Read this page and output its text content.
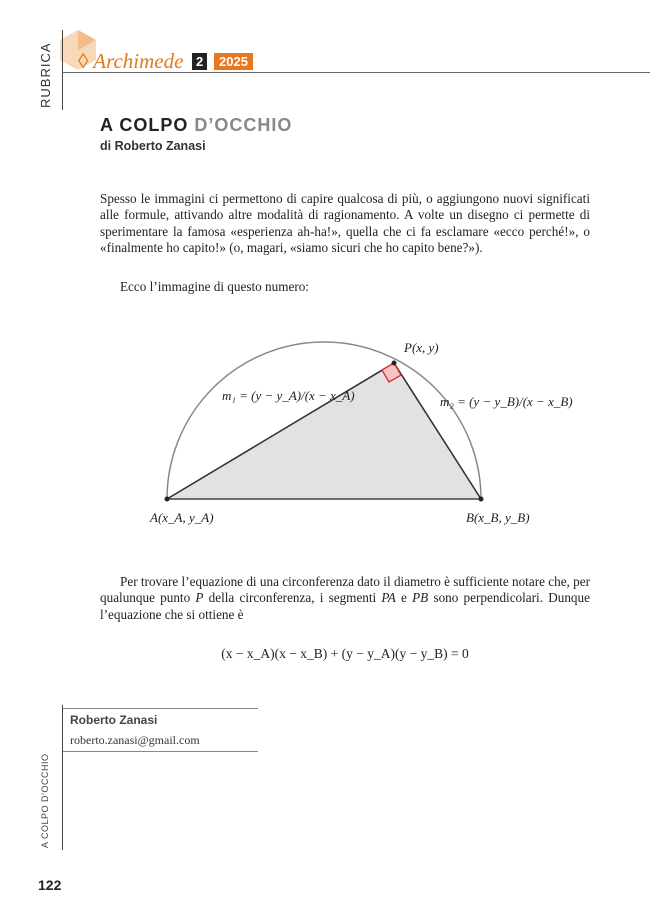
RUBRICA ◊ Archimede 2	2025
A COLPO D’OCCHIO
di Roberto Zanasi
Spesso le immagini ci permettono di capire qualcosa di più, o aggiungono nuovi significati alle formule, attivando altre modalità di ragionamento. A volte un disegno ci permette di sperimentare la famosa «esperienza ah-ha!», quella che ci fa esclamare «ecco perché!», o «finalmente ho capito!» (o, magari, «siamo sicuri che ho capito bene?»).
Ecco l’immagine di questo numero:
P(x, y)
A(x_A, y_A)	B(x_B, y_B)
m₁ = (y − y_A)/(x − x_A)	m₂ = (y − y_B)/(x − x_B)
Per trovare l’equazione di una circonferenza dato il diametro è sufficiente notare che, per qualunque punto P della circonferenza, i segmenti PA e PB sono perpendicolari. Dunque l’equazione che si ottiene è
(x − x_A)(x − x_B) + (y − y_A)(y − y_B) = 0
Roberto Zanasi
roberto.zanasi@gmail.com
A COLPO D’OCCHIO
122
